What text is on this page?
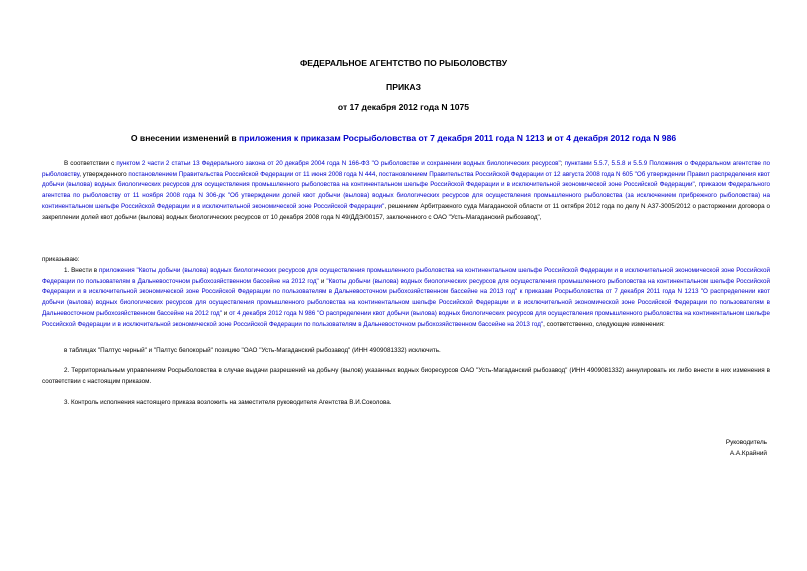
ФЕДЕРАЛЬНОЕ АГЕНТСТВО ПО РЫБОЛОВСТВУ
ПРИКАЗ
от 17 декабря 2012 года N 1075
О внесении изменений в приложения к приказам Росрыболовства от 7 декабря 2011 года N 1213 и от 4 декабря 2012 года N 986
В соответствии с пунктом 2 части 2 статьи 13 Федерального закона от 20 декабря 2004 года N 166-ФЗ "О рыболовстве и сохранении водных биологических ресурсов"; пунктами 5.5.7, 5.5.8 и 5.5.9 Положения о Федеральном агентстве по рыболовству, утвержденного постановлением Правительства Российской Федерации от 11 июня 2008 года N 444, постановлением Правительства Российской Федерации от 12 августа 2008 года N 605 "Об утверждении Правил распределения квот добычи (вылова) водных биологических ресурсов для осуществления промышленного рыболовства на континентальном шельфе Российской Федерации и в исключительной экономической зоне Российской Федерации", приказом Федерального агентства по рыболовству от 11 ноября 2008 года N 306-дк "Об утверждении долей квот добычи (вылова) водных биологических ресурсов для осуществления промышленного рыболовства (за исключением прибрежного рыболовства) на континентальном шельфе Российской Федерации и в исключительной экономической зоне Российской Федерации", решением Арбитражного суда Магаданской области от 11 октября 2012 года по делу N А37-3005/2012 о расторжении договора о закреплении долей квот добычи (вылова) водных биологических ресурсов от 10 декабря 2008 года N 49/ДДЭ/00157, заключенного с ОАО "Усть-Магаданский рыбозавод",
приказываю:
1. Внести в приложения "Квоты добычи (вылова) водных биологических ресурсов для осуществления промышленного рыболовства на континентальном шельфе Российской Федерации и в исключительной экономической зоне Российской Федерации по пользователям в Дальневосточном рыбохозяйственном бассейне на 2012 год" и "Квоты добычи (вылова) водных биологических ресурсов для осуществления промышленного рыболовства на континентальном шельфе Российской Федерации и в исключительной экономической зоне Российской Федерации по пользователям в Дальневосточном рыбохозяйственном бассейне на 2013 год" к приказам Росрыболовства от 7 декабря 2011 года N 1213 "О распределении квот добычи (вылова) водных биологических ресурсов для осуществления промышленного рыболовства на континентальном шельфе Российской Федерации и в исключительной экономической зоне Российской Федерации по пользователям в Дальневосточном рыбохозяйственном бассейне на 2012 год" и от 4 декабря 2012 года N 986 "О распределении квот добычи (вылова) водных биологических ресурсов для осуществления промышленного рыболовства на континентальном шельфе Российской Федерации и в исключительной экономической зоне Российской Федерации по пользователям в Дальневосточном рыбохозяйственном бассейне на 2013 год", соответственно, следующие изменения:
в таблицах "Палтус черный" и "Палтус белокорый" позицию "ОАО "Усть-Магаданский рыбозавод" (ИНН 4909081332) исключить.
2. Территориальным управлениям Росрыболовства в случае выдачи разрешений на добычу (вылов) указанных водных биоресурсов ОАО "Усть-Магаданский рыбозавод" (ИНН 4909081332) аннулировать их либо внести в них изменения в соответствии с настоящим приказом.
3. Контроль исполнения настоящего приказа возложить на заместителя руководителя Агентства В.И.Соколова.
Руководитель
А.А.Крайний
